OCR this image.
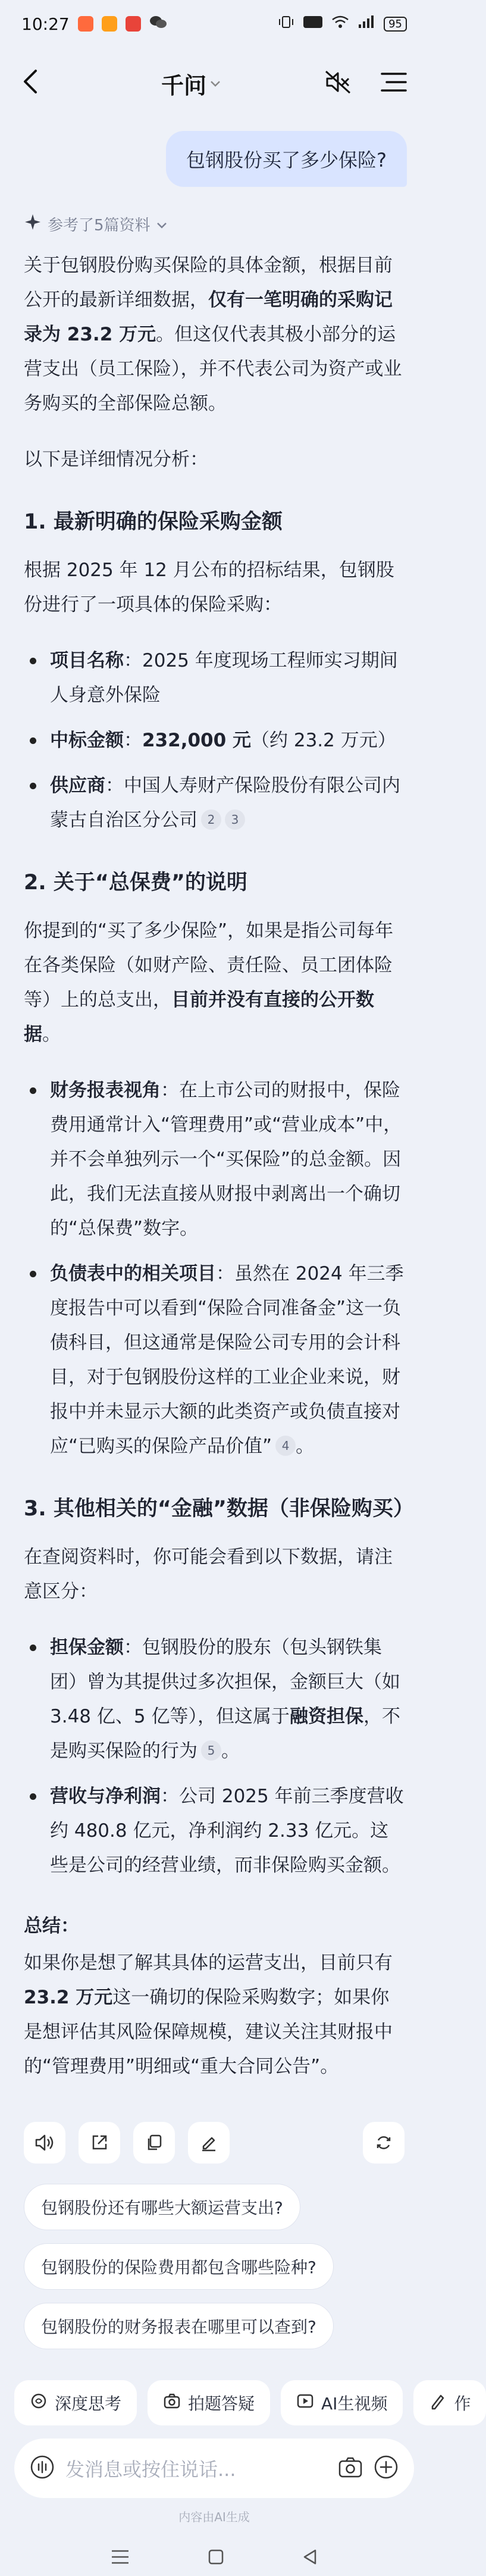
10:27	95
千问
包钢股份买了多少保险?
参考了5篇资料

关于包钢股份购买保险的具体金额，根据目前公开的最新详细数据，仅有一笔明确的采购记录为 23.2 万元。但这仅代表其极小部分的运营支出（员工保险），并不代表公司为资产或业务购买的全部保险总额。

以下是详细情况分析：

1. 最新明确的保险采购金额

根据 2025 年 12 月公布的招标结果，包钢股份进行了一项具体的保险采购：

项目名称：2025 年度现场工程师实习期间人身意外保险
中标金额：232,000 元（约 23.2 万元）
供应商：中国人寿财产保险股份有限公司内蒙古自治区分公司 2 3
2. 关于“总保费”的说明

你提到的“买了多少保险”，如果是指公司每年在各类保险（如财产险、责任险、员工团体险等）上的总支出，目前并没有直接的公开数据。

财务报表视角：在上市公司的财报中，保险费用通常计入“管理费用”或“营业成本”中，并不会单独列示一个“买保险”的总金额。因此，我们无法直接从财报中剥离出一个确切的“总保费”数字。
负债表中的相关项目：虽然在 2024 年三季度报告中可以看到“保险合同准备金”这一负债科目，但这通常是保险公司专用的会计科目，对于包钢股份这样的工业企业来说，财报中并未显示大额的此类资产或负债直接对应“已购买的保险产品价值” 4 。
3. 其他相关的“金融”数据（非保险购买）

在查阅资料时，你可能会看到以下数据，请注意区分：

担保金额：包钢股份的股东（包头钢铁集团）曾为其提供过多次担保，金额巨大（如 3.48 亿、5 亿等），但这属于融资担保，不是购买保险的行为 5 。
营收与净利润：公司 2025 年前三季度营收约 480.8 亿元，净利润约 2.33 亿元。这些是公司的经营业绩，而非保险购买金额。
总结：

如果你是想了解其具体的运营支出，目前只有23.2 万元这一确切的保险采购数字；如果你是想评估其风险保障规模，建议关注其财报中的“管理费用”明细或“重大合同公告”。

包钢股份还有哪些大额运营支出?
包钢股份的保险费用都包含哪些险种?
包钢股份的财务报表在哪里可以查到?
深度思考	拍题答疑	AI生视频	作
发消息或按住说话...
内容由AI生成
